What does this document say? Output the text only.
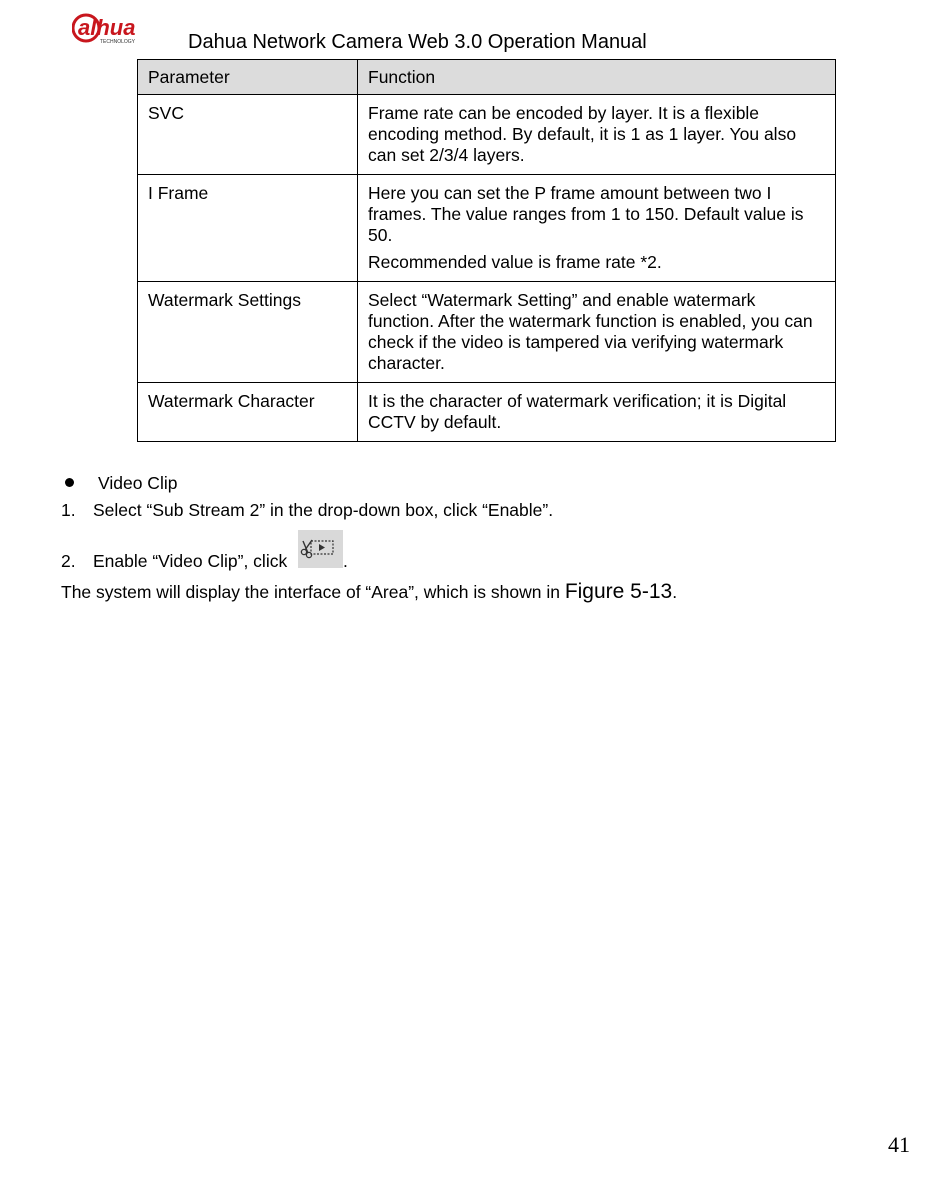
alhua
TECHNOLOGY	Dahua Network Camera Web 3.0 Operation Manual
Parameter	Function
SVC	Frame rate can be encoded by layer. It is a flexible encoding method. By default, it is 1 as 1 layer. You also can set 2/3/4 layers.

I Frame	Here you can set the P frame amount between two I frames. The value ranges from 1 to 150. Default value is 50.
Recommended value is frame rate *2.

Watermark Settings	Select “Watermark Setting” and enable watermark function. After the watermark function is enabled, you can check if the video is tampered via verifying watermark character.

Watermark Character	It is the character of watermark verification; it is Digital CCTV by default.
Video Clip
1. Select “Sub Stream 2” in the drop-down box, click “Enable”.
2. Enable “Video Clip”, click	.
The system will display the interface of “Area”, which is shown in Figure 5-13.
41
